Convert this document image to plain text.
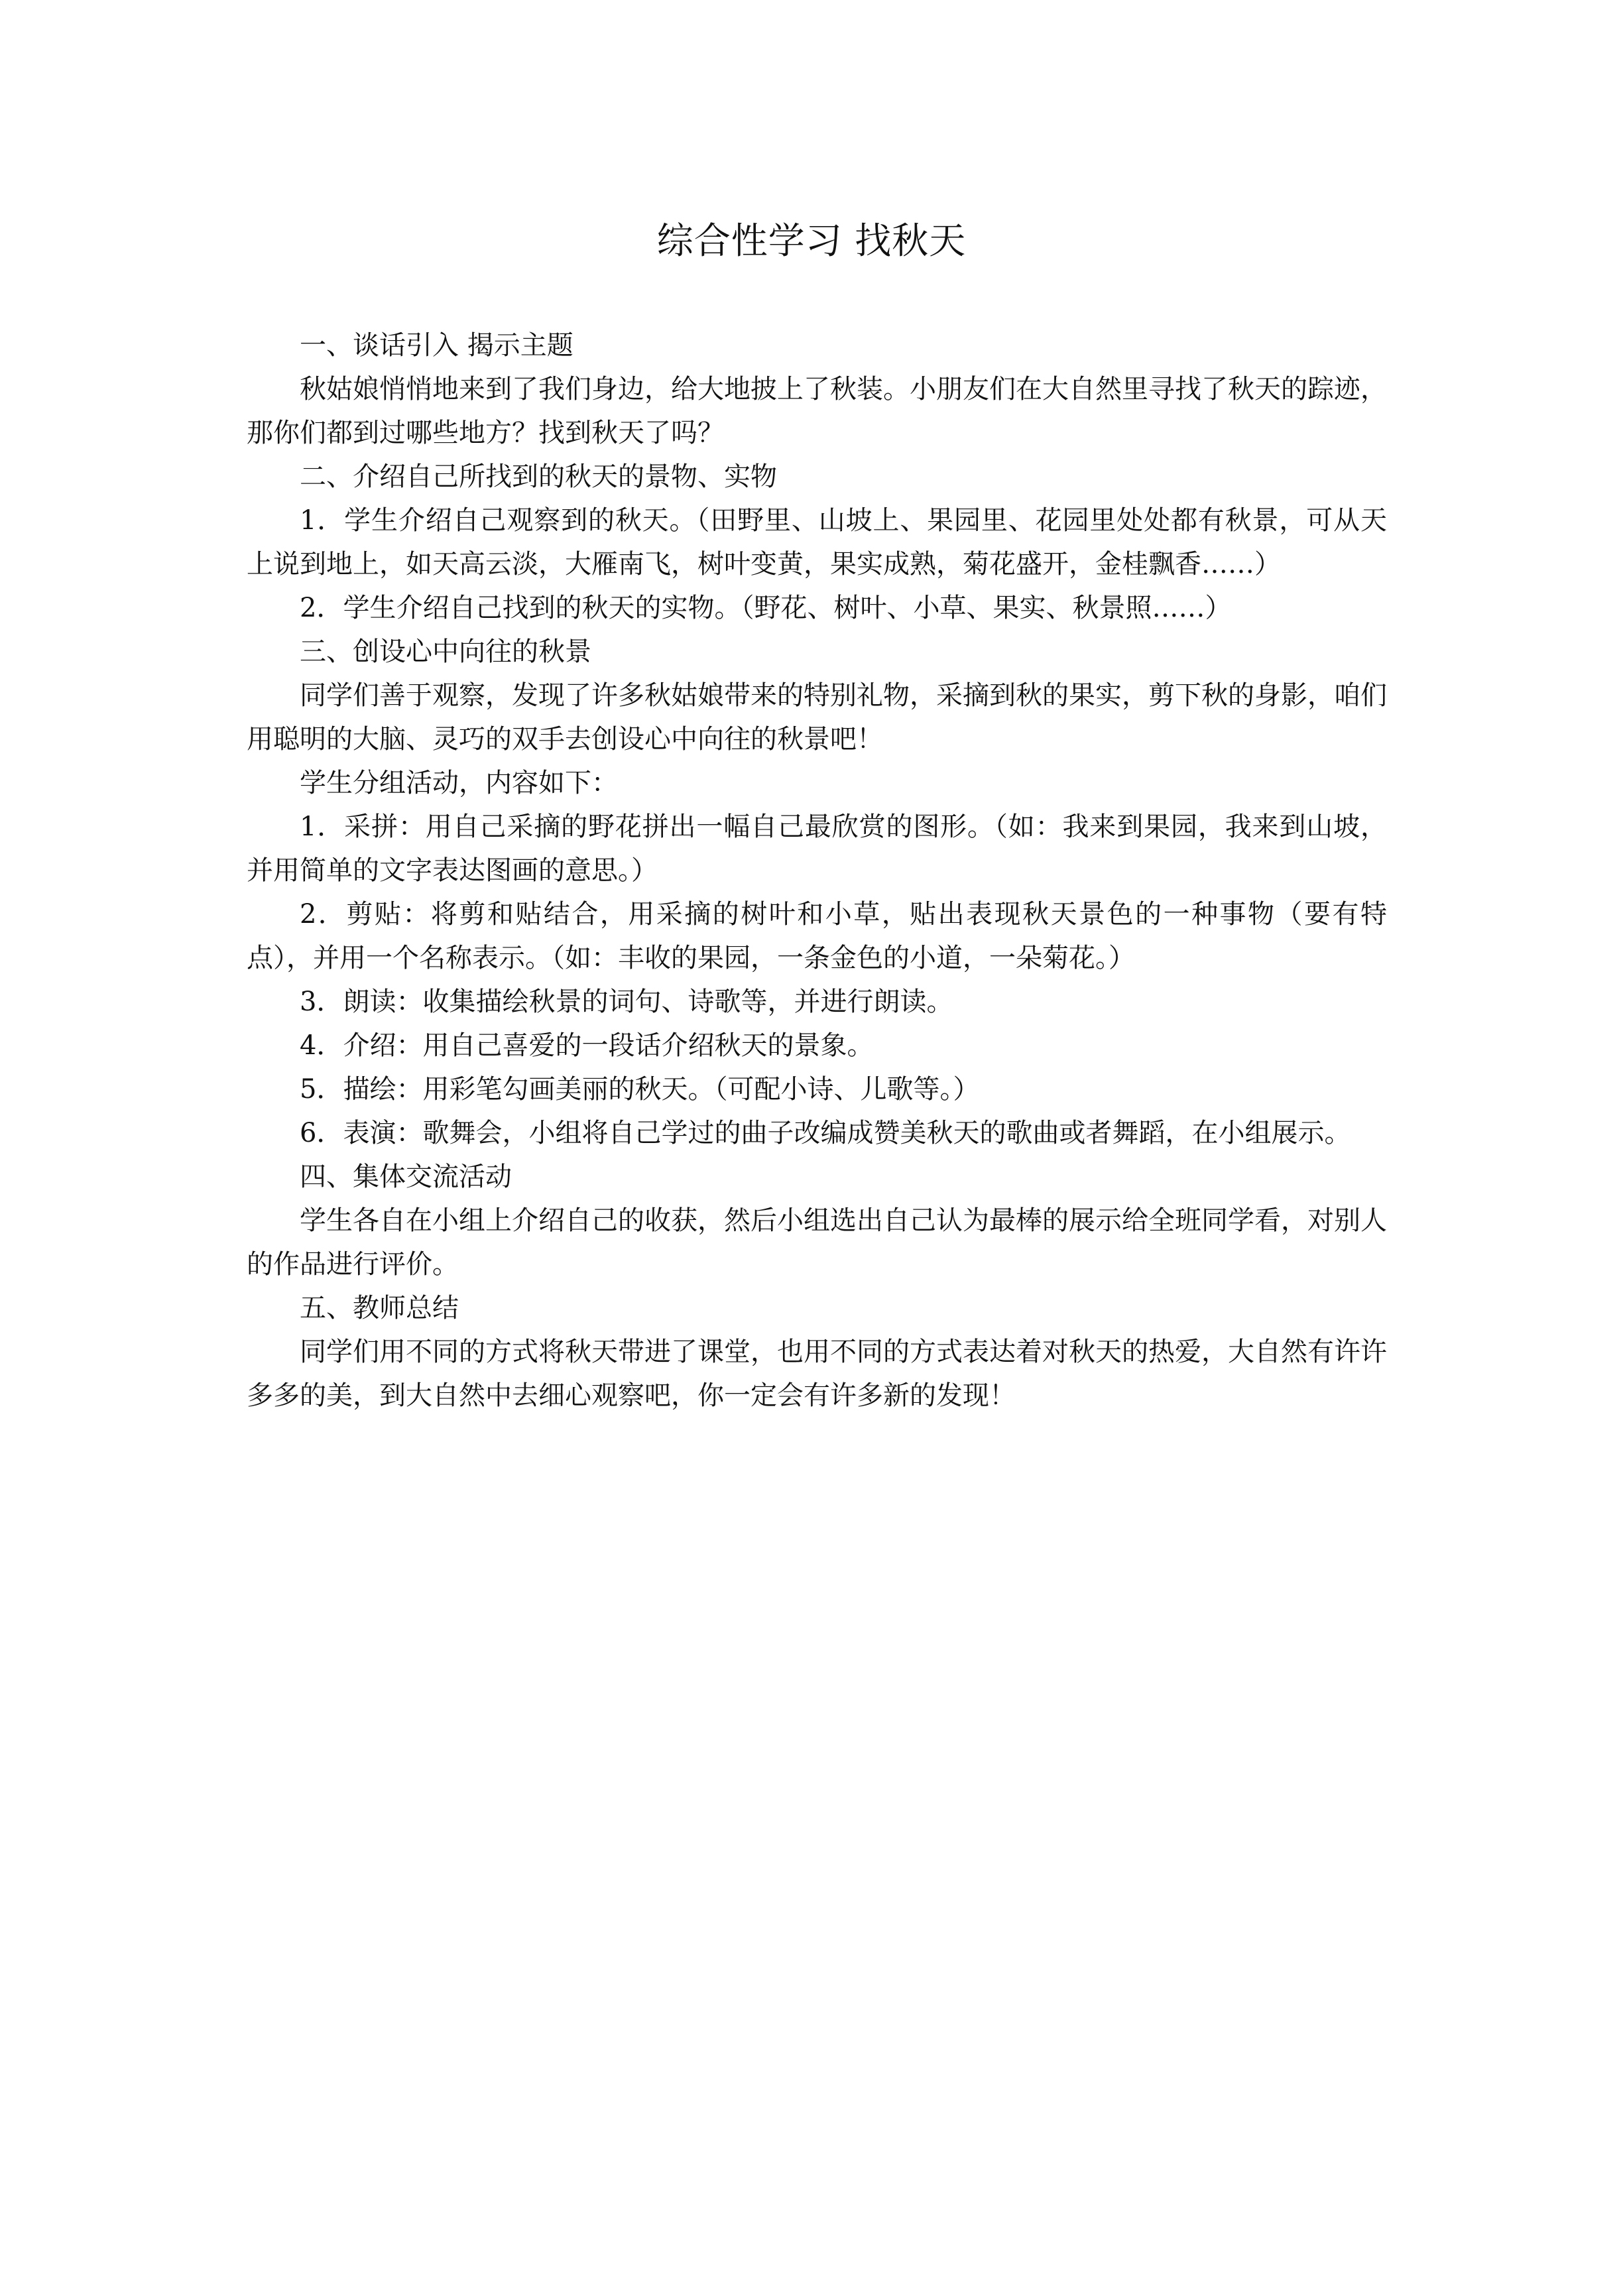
综合性学习 找秋天

一、谈话引入 揭示主题

秋姑娘悄悄地来到了我们身边，给大地披上了秋装。小朋友们在大自然里寻找了秋天的踪迹，那你们都到过哪些地方？找到秋天了吗？

二、介绍自己所找到的秋天的景物、实物

1．学生介绍自己观察到的秋天。（田野里、山坡上、果园里、花园里处处都有秋景，可从天上说到地上，如天高云淡，大雁南飞，树叶变黄，果实成熟，菊花盛开，金桂飘香……）

2．学生介绍自己找到的秋天的实物。（野花、树叶、小草、果实、秋景照……）

三、创设心中向往的秋景

同学们善于观察，发现了许多秋姑娘带来的特别礼物，采摘到秋的果实，剪下秋的身影，咱们用聪明的大脑、灵巧的双手去创设心中向往的秋景吧！

学生分组活动，内容如下：

1．采拼：用自己采摘的野花拼出一幅自己最欣赏的图形。（如：我来到果园，我来到山坡，并用简单的文字表达图画的意思。）

2．剪贴：将剪和贴结合，用采摘的树叶和小草，贴出表现秋天景色的一种事物（要有特点），并用一个名称表示。（如：丰收的果园，一条金色的小道，一朵菊花。）

3．朗读：收集描绘秋景的词句、诗歌等，并进行朗读。

4．介绍：用自己喜爱的一段话介绍秋天的景象。

5．描绘：用彩笔勾画美丽的秋天。（可配小诗、儿歌等。）

6．表演：歌舞会，小组将自己学过的曲子改编成赞美秋天的歌曲或者舞蹈，在小组展示。

四、集体交流活动

学生各自在小组上介绍自己的收获，然后小组选出自己认为最棒的展示给全班同学看，对别人的作品进行评价。

五、教师总结

同学们用不同的方式将秋天带进了课堂，也用不同的方式表达着对秋天的热爱，大自然有许许多多的美，到大自然中去细心观察吧，你一定会有许多新的发现！
